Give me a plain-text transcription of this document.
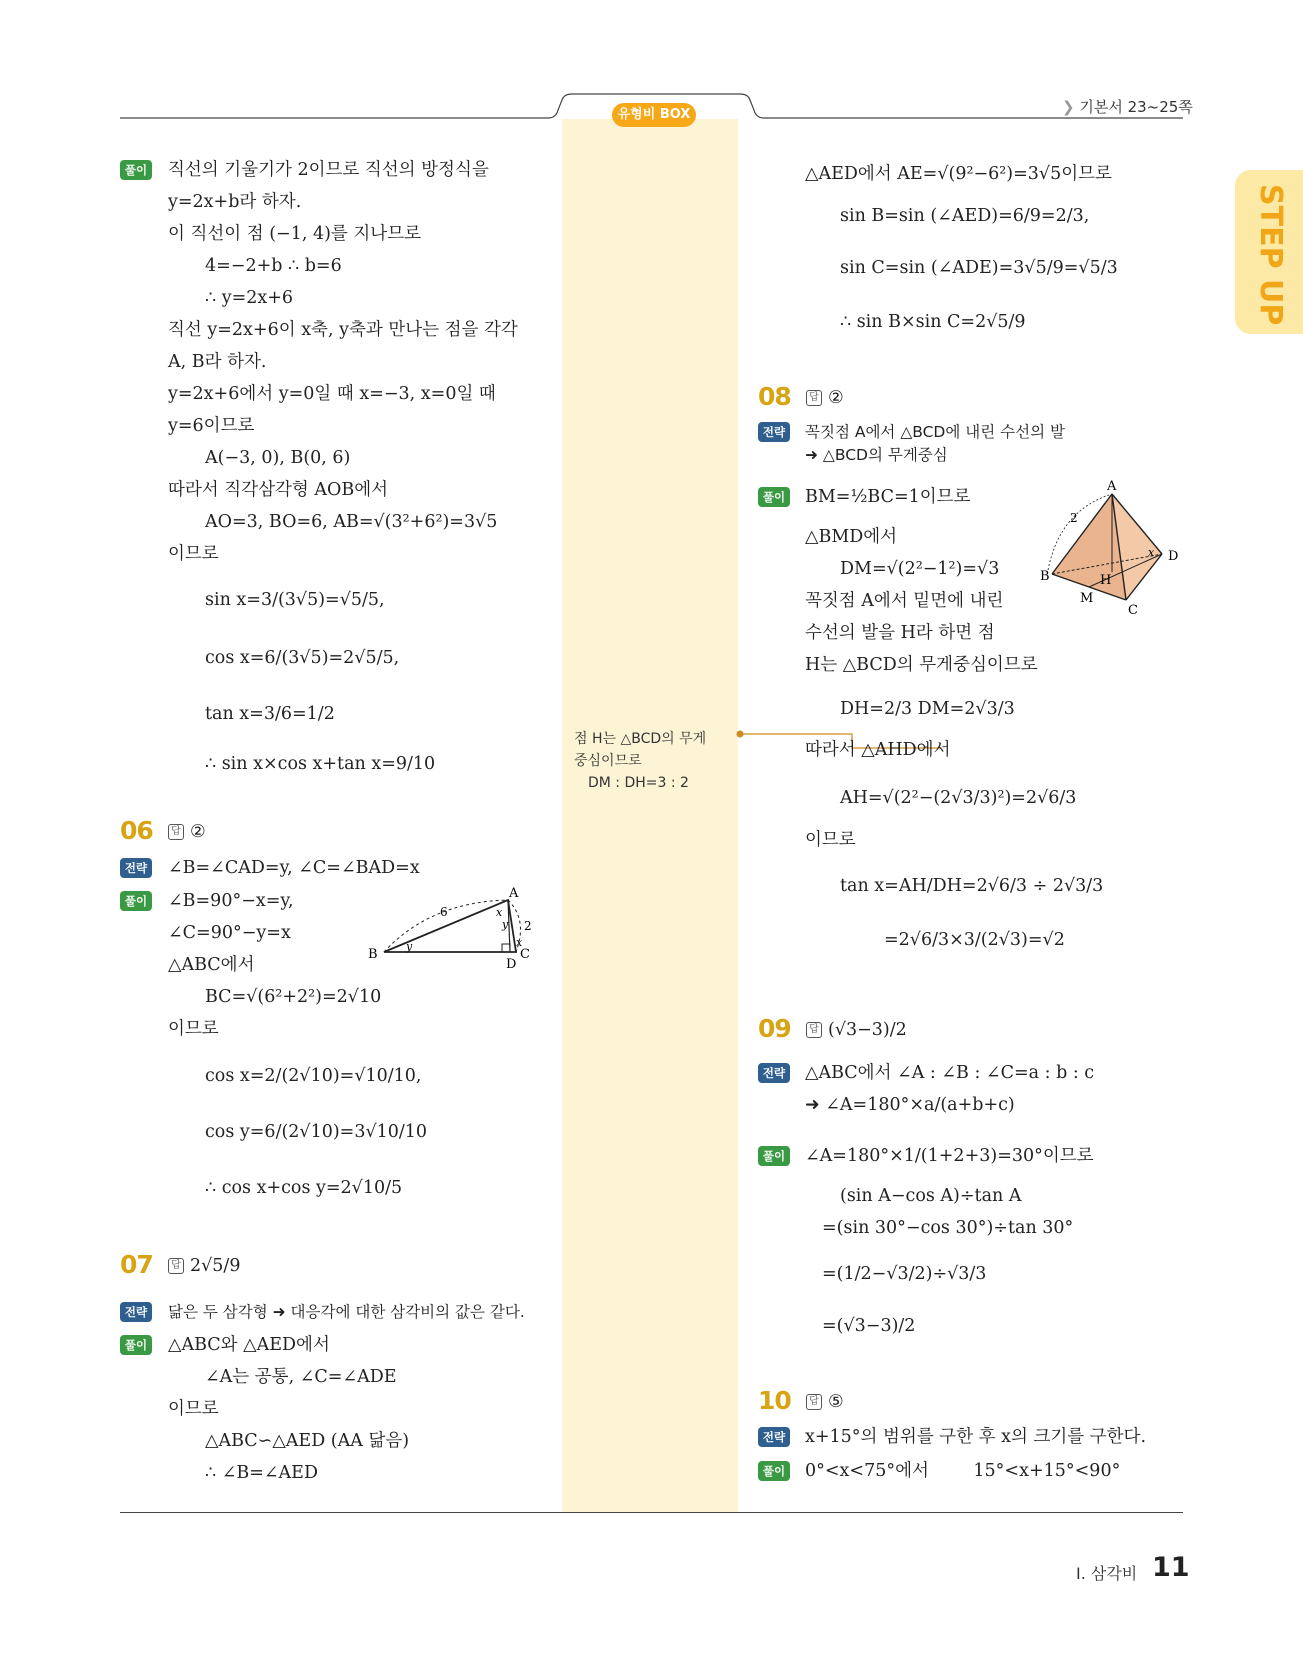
유형비 BOX	❯ 기본서 23~25쪽
STEP UP
풀이 직선의 기울기가 2이므로 직선의 방정식을
y=2x+b라 하자.
이 직선이 점 (−1, 4)를 지나므로
4=−2+b ∴ b=6
∴ y=2x+6
직선 y=2x+6이 x축, y축과 만나는 점을 각각
A, B라 하자.
y=2x+6에서 y=0일 때 x=−3, x=0일 때
y=6이므로
A(−3, 0), B(0, 6)
따라서 직각삼각형 AOB에서
AO=3, BO=6, AB=√(3²+6²)=3√5
이므로
sin x=3/(3√5)=√5/5,
cos x=6/(3√5)=2√5/5,
tan x=3/6=1/2
∴ sin x×cos x+tan x=9/10
06	답 ②
전략 ∠B=∠CAD=y, ∠C=∠BAD=x
풀이 ∠B=90°−x=y,
∠C=90°−y=x
△ABC에서
BC=√(6²+2²)=2√10
이므로
cos x=2/(2√10)=√10/10,
cos y=6/(2√10)=3√10/10
∴ cos x+cos y=2√10/5
A
B	C
D
6
2
x
y	x
y
07	답 2√5/9
전략	닮은 두 삼각형 ➜ 대응각에 대한 삼각비의 값은 같다.
풀이 △ABC와 △AED에서
∠A는 공통, ∠C=∠ADE
이므로
△ABC∽△AED (AA 닮음)
∴ ∠B=∠AED
점 H는 △BCD의 무게
중심이므로
DM : DH=3 : 2
△AED에서 AE=√(9²−6²)=3√5이므로
sin B=sin (∠AED)=6/9=2/3,
sin C=sin (∠ADE)=3√5/9=√5/3
∴ sin B×sin C=2√5/9
08	답 ②
전략	꼭짓점 A에서 △BCD에 내린 수선의 발
➜ △BCD의 무게중심
풀이 BM=½BC=1이므로
△BMD에서
DM=√(2²−1²)=√3
꼭짓점 A에서 밑면에 내린
수선의 발을 H라 하면 점
H는 △BCD의 무게중심이므로
DH=2/3 DM=2√3/3
따라서 △AHD에서
AH=√(2²−(2√3/3)²)=2√6/3
이므로
tan x=AH/DH=2√6/3 ÷ 2√3/3
=2√6/3×3/(2√3)=√2
A
B
C
D
M
H
2
x
09	답 (√3−3)/2
전략 △ABC에서 ∠A : ∠B : ∠C=a : b : c
➜ ∠A=180°×a/(a+b+c)
풀이 ∠A=180°×1/(1+2+3)=30°이므로
(sin A−cos A)÷tan A
=(sin 30°−cos 30°)÷tan 30°
=(1/2−√3/2)÷√3/3
=(√3−3)/2
10	답 ⑤
전략 x+15°의 범위를 구한 후 x의 크기를 구한다.
풀이 0°<x<75°에서        15°<x+15°<90°
I. 삼각비 11
